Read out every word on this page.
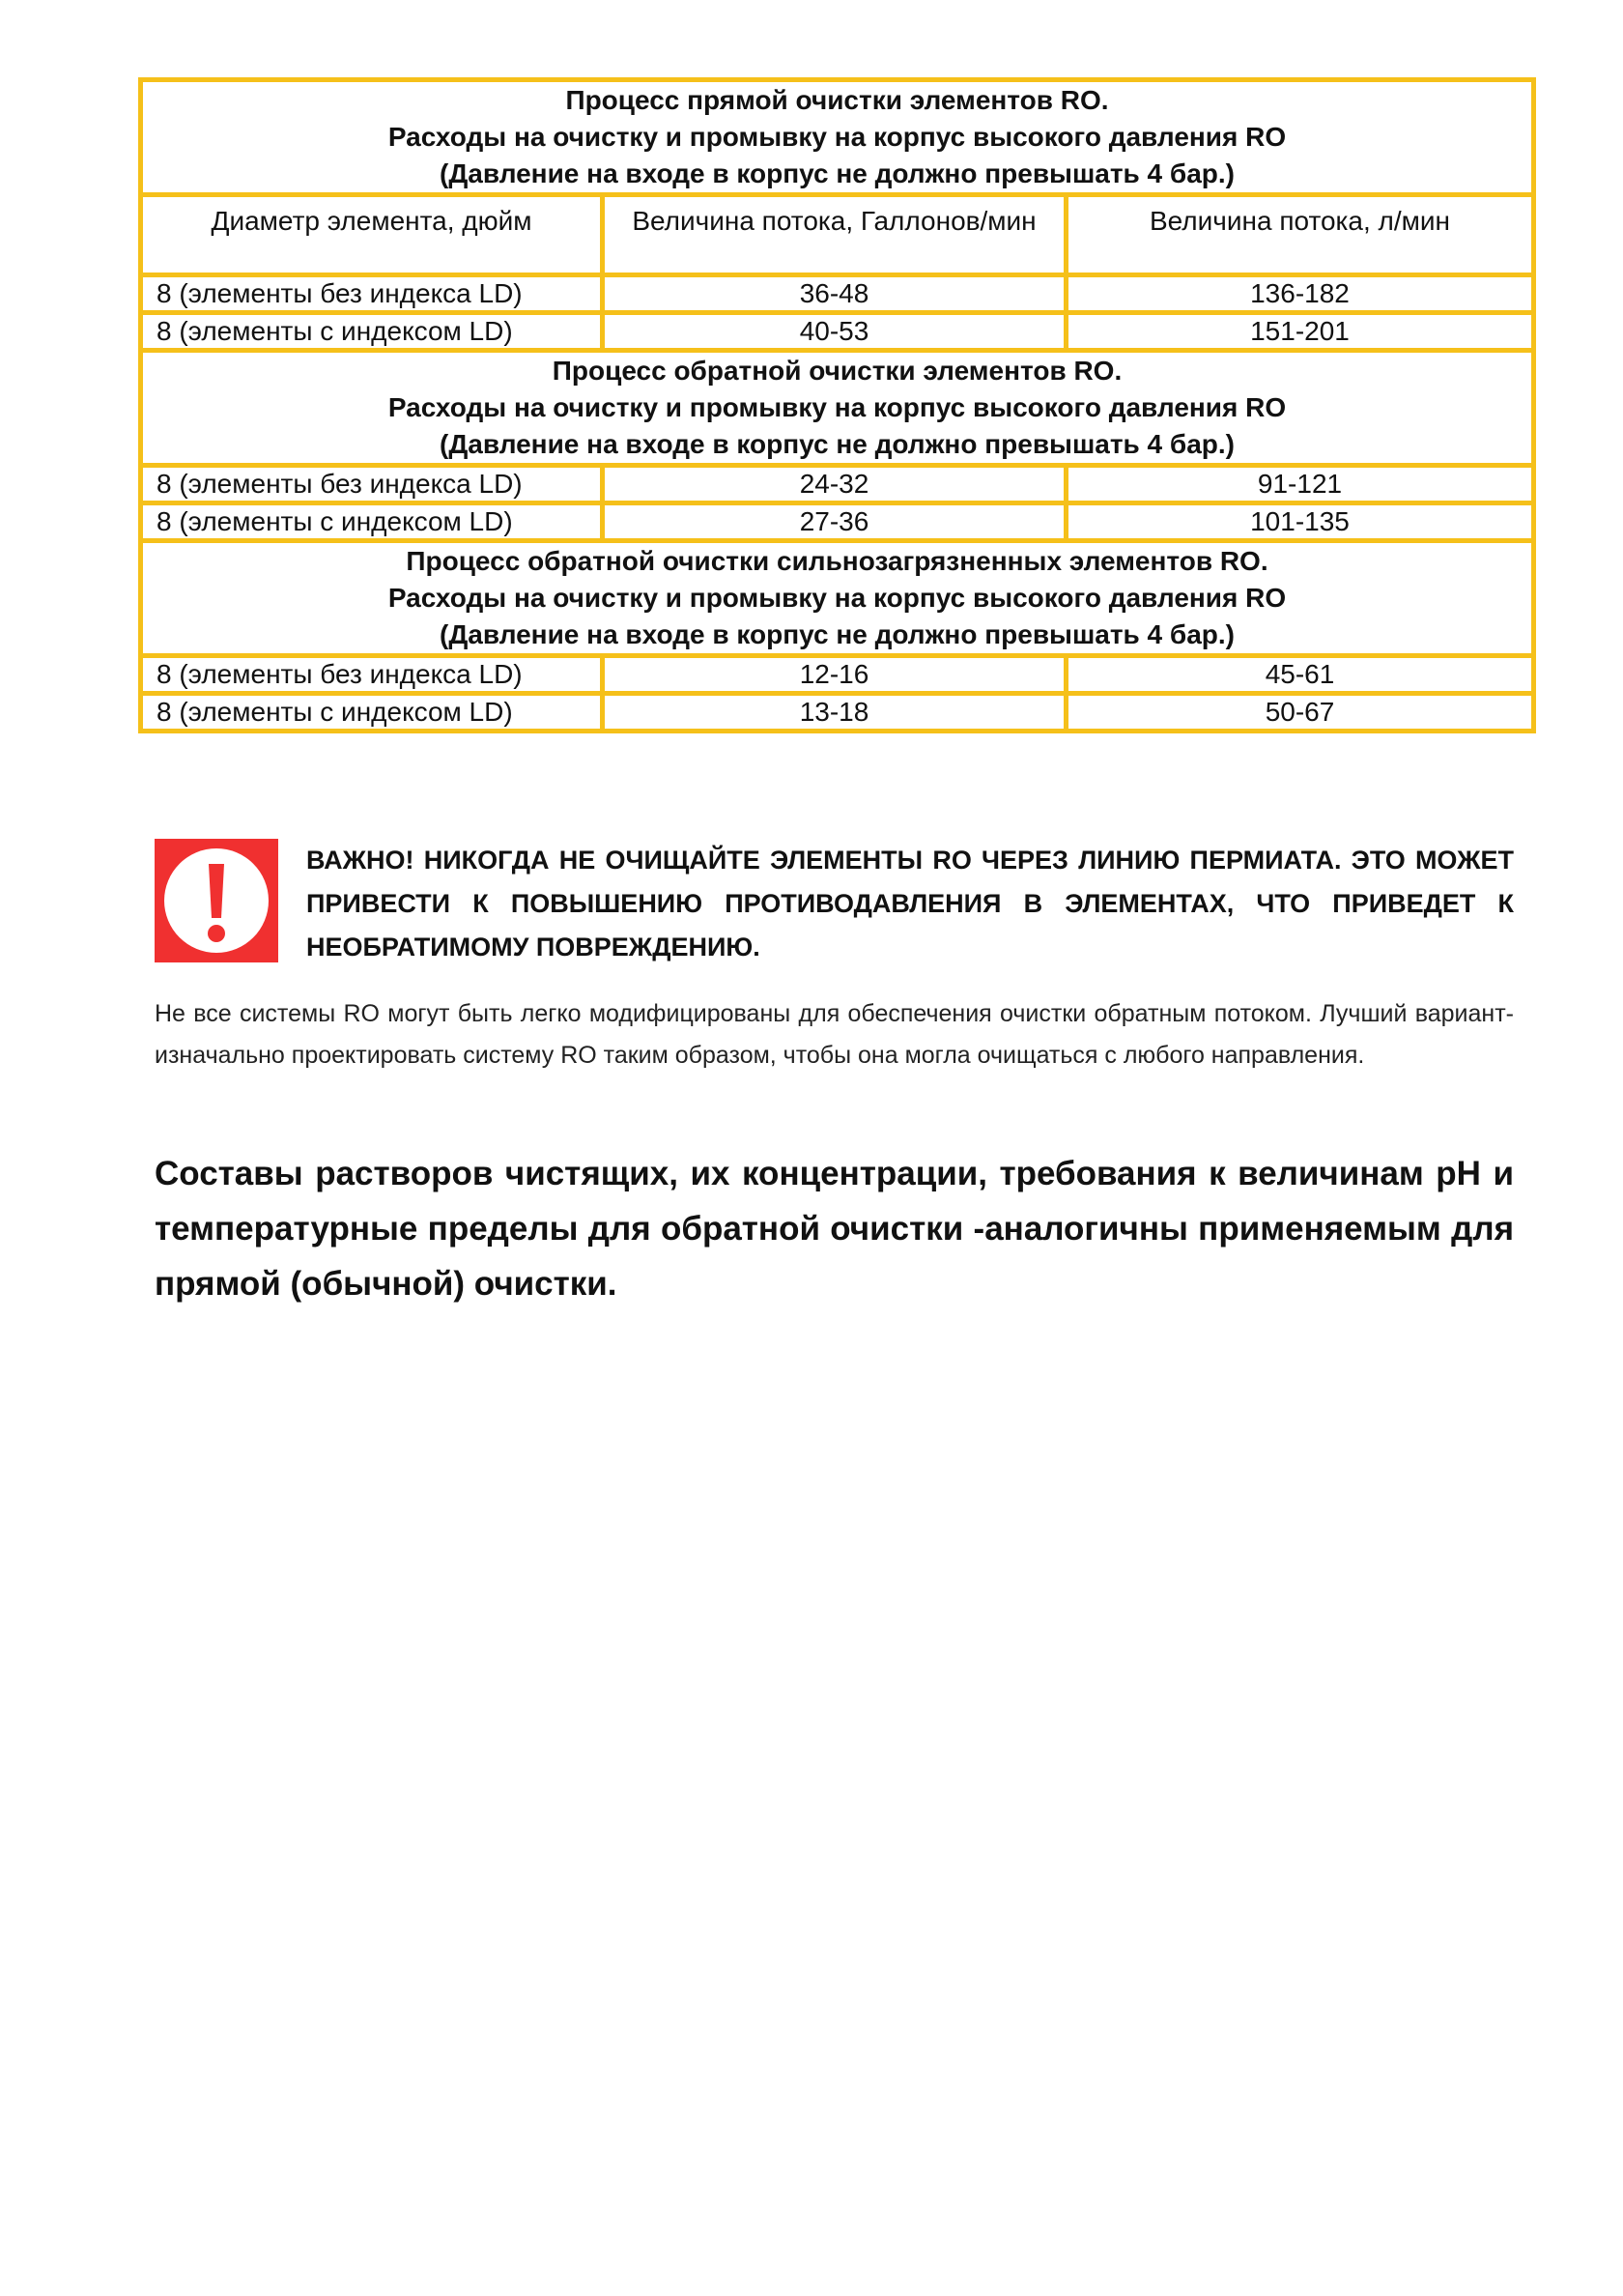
Процесс прямой очистки элементов RO.
Расходы на очистку и промывку на корпус высокого давления RO
(Давление на входе в корпус не должно превышать 4 бар.)		

Диаметр элемента, дюйм	Величина потока, Галлонов/мин	Величина потока, л/мин
8 (элементы без индекса LD)	36-48	136-182
8 (элементы с индексом LD)	40-53	151-201

Процесс обратной очистки элементов RO.
Расходы на очистку и промывку на корпус высокого давления RO
(Давление на входе в корпус не должно превышать 4 бар.)		

8 (элементы без индекса LD)	24-32	91-121
8 (элементы с индексом LD)	27-36	101-135

Процесс обратной очистки сильнозагрязненных элементов RO.
Расходы на очистку и промывку на корпус высокого давления RO
(Давление на входе в корпус не должно превышать 4 бар.)		

8 (элементы без индекса LD)	12-16	45-61
8 (элементы с индексом LD)	13-18	50-67
ВАЖНО! НИКОГДА НЕ ОЧИЩАЙТЕ ЭЛЕМЕНТЫ RO ЧЕРЕЗ ЛИНИЮ ПЕРМИАТА. ЭТО МОЖЕТ ПРИВЕСТИ К ПОВЫШЕНИЮ ПРОТИВОДАВЛЕНИЯ В ЭЛЕМЕНТАХ, ЧТО ПРИВЕДЕТ К НЕОБРАТИМОМУ ПОВРЕЖДЕНИЮ.
Не все системы RO могут быть легко модифицированы для обеспечения очистки обратным потоком. Лучший вариант- изначально проектировать систему RO таким образом, чтобы она могла очищаться с любого направления.
Составы растворов чистящих, их концентрации, требования к величинам pH и температурные пределы для обратной очистки -аналогичны применяемым для прямой (обычной) очистки.
